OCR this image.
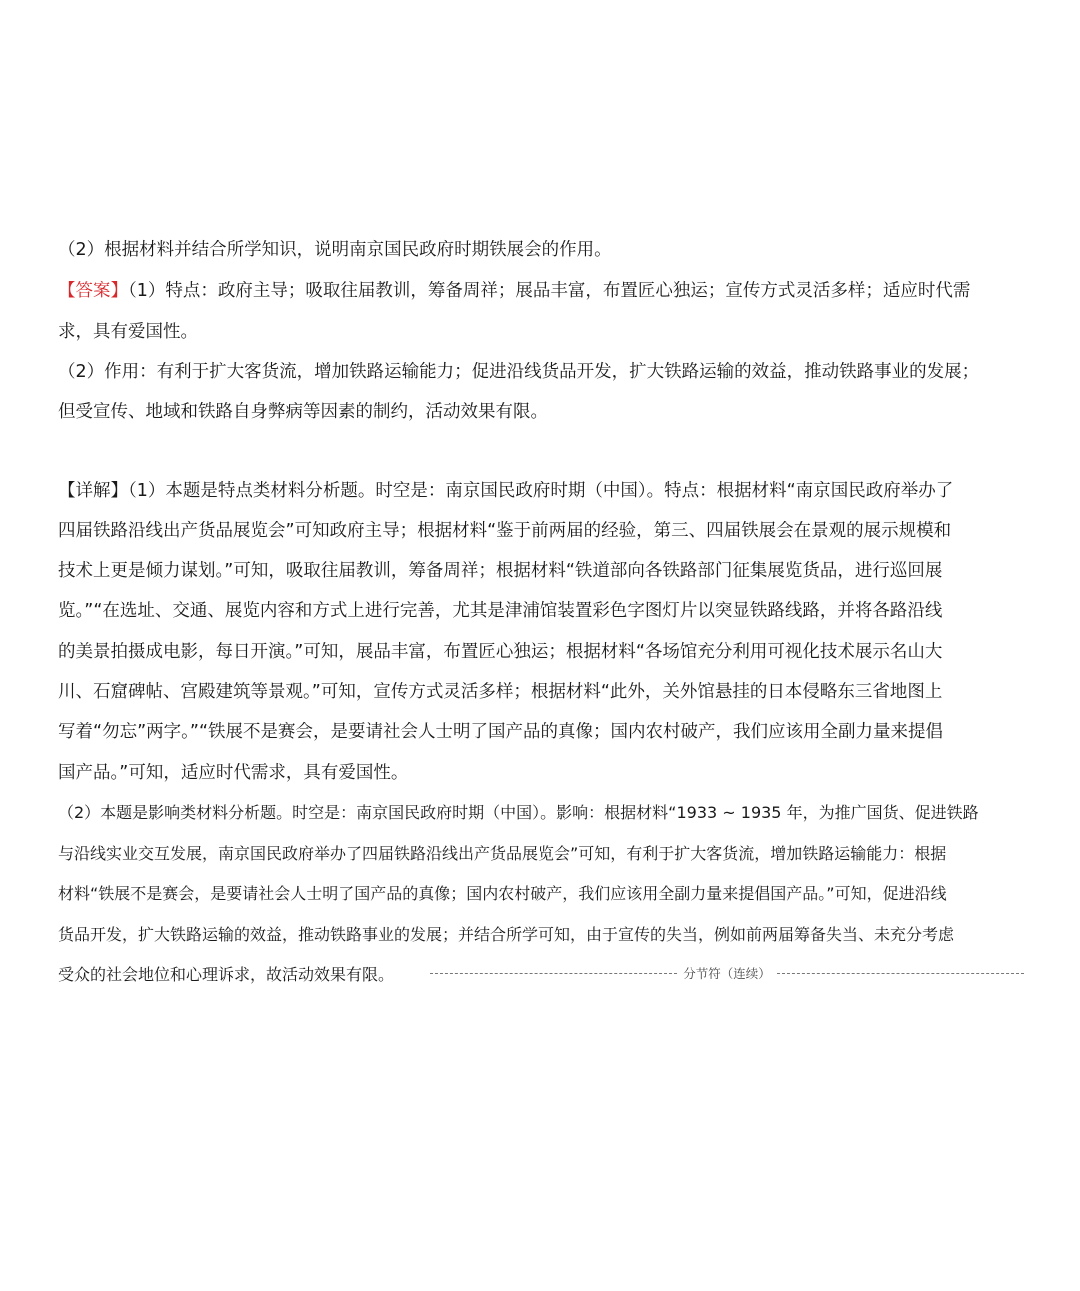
（2）根据材料并结合所学知识，说明南京国民政府时期铁展会的作用。
【答案】（1）特点：政府主导；吸取往届教训，筹备周祥；展品丰富，布置匠心独运；宣传方式灵活多样；适应时代需
求，具有爱国性。
（2）作用：有利于扩大客货流，增加铁路运输能力；促进沿线货品开发，扩大铁路运输的效益，推动铁路事业的发展；
但受宣传、地域和铁路自身弊病等因素的制约，活动效果有限。
【详解】（1）本题是特点类材料分析题。时空是：南京国民政府时期（中国）。特点：根据材料“南京国民政府举办了
四届铁路沿线出产货品展览会”可知政府主导；根据材料“鉴于前两届的经验，第三、四届铁展会在景观的展示规模和
技术上更是倾力谋划。”可知，吸取往届教训，筹备周祥；根据材料“铁道部向各铁路部门征集展览货品，进行巡回展
览。”“在选址、交通、展览内容和方式上进行完善，尤其是津浦馆装置彩色字图灯片以突显铁路线路，并将各路沿线
的美景拍摄成电影，每日开演。”可知，展品丰富，布置匠心独运；根据材料“各场馆充分利用可视化技术展示名山大
川、石窟碑帖、宫殿建筑等景观。”可知，宣传方式灵活多样；根据材料“此外，关外馆悬挂的日本侵略东三省地图上
写着“勿忘”两字。”“铁展不是赛会，是要请社会人士明了国产品的真像；国内农村破产，我们应该用全副力量来提倡
国产品。”可知，适应时代需求，具有爱国性。
（2）本题是影响类材料分析题。时空是：南京国民政府时期（中国）。影响：根据材料“1933 ~ 1935 年，为推广国货、促进铁路
与沿线实业交互发展，南京国民政府举办了四届铁路沿线出产货品展览会”可知，有利于扩大客货流，增加铁路运输能力：根据
材料“铁展不是赛会，是要请社会人士明了国产品的真像；国内农村破产，我们应该用全副力量来提倡国产品。”可知，促进沿线
货品开发，扩大铁路运输的效益，推动铁路事业的发展；并结合所学可知，由于宣传的失当，例如前两届筹备失当、未充分考虑
受众的社会地位和心理诉求，故活动效果有限。	分节符（连续）
